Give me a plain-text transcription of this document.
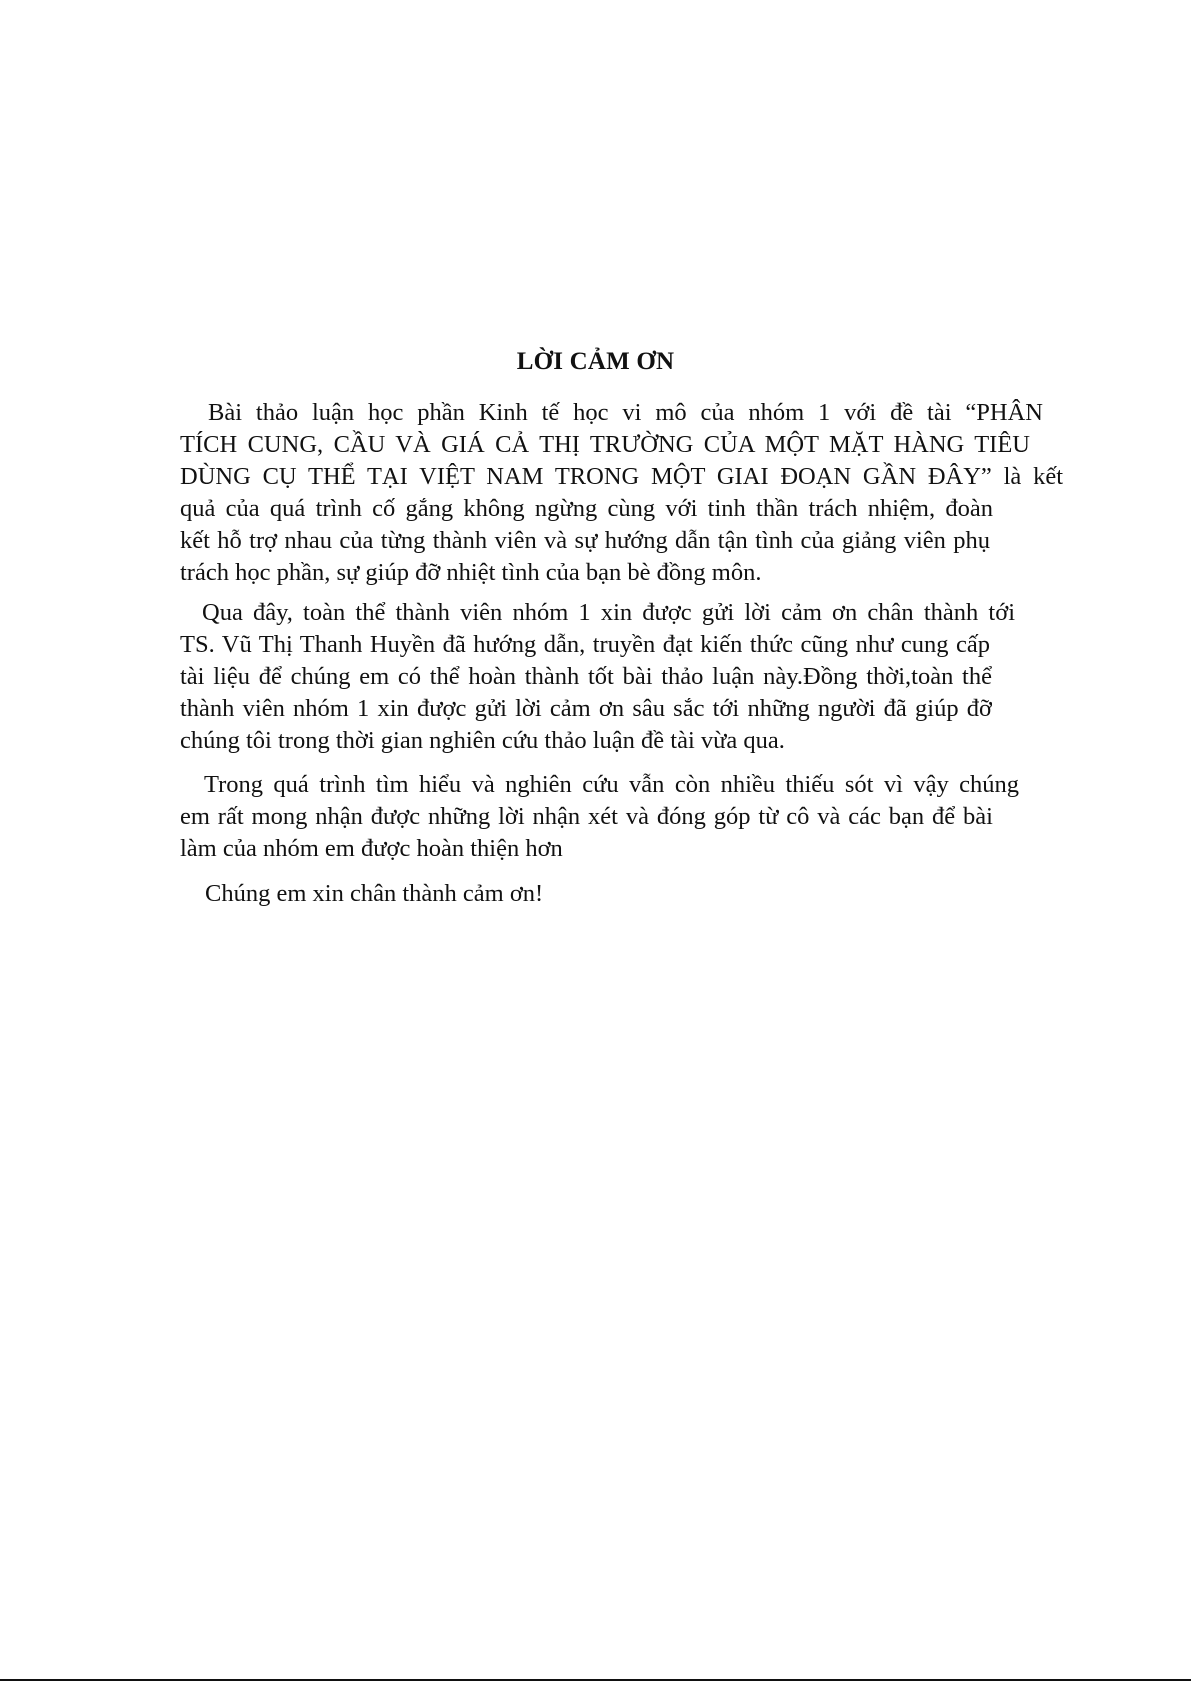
LỜI CẢM ƠN
Bài thảo luận học phần Kinh tế học vi mô của nhóm 1 với đề tài “PHÂN
TÍCH CUNG, CẦU VÀ GIÁ CẢ THỊ TRƯỜNG CỦA MỘT MẶT HÀNG TIÊU
DÙNG CỤ THỂ TẠI VIỆT NAM TRONG MỘT GIAI ĐOẠN GẦN ĐÂY” là kết
quả của quá trình cố gắng không ngừng cùng với tinh thần trách nhiệm, đoàn
kết hỗ trợ nhau của từng thành viên và sự hướng dẫn tận tình của giảng viên phụ
trách học phần, sự giúp đỡ nhiệt tình của bạn bè đồng môn.
Qua đây, toàn thể thành viên nhóm 1 xin được gửi lời cảm ơn chân thành tới
TS. Vũ Thị Thanh Huyền đã hướng dẫn, truyền đạt kiến thức cũng như cung cấp
tài liệu để chúng em có thể hoàn thành tốt bài thảo luận này.Đồng thời,toàn thể
thành viên nhóm 1 xin được gửi lời cảm ơn sâu sắc tới những người đã giúp đỡ
chúng tôi trong thời gian nghiên cứu thảo luận đề tài vừa qua.
Trong quá trình tìm hiểu và nghiên cứu vẫn còn nhiều thiếu sót vì vậy chúng
em rất mong nhận được những lời nhận xét và đóng góp từ cô và các bạn để bài
làm của nhóm em được hoàn thiện hơn
Chúng em xin chân thành cảm ơn!
